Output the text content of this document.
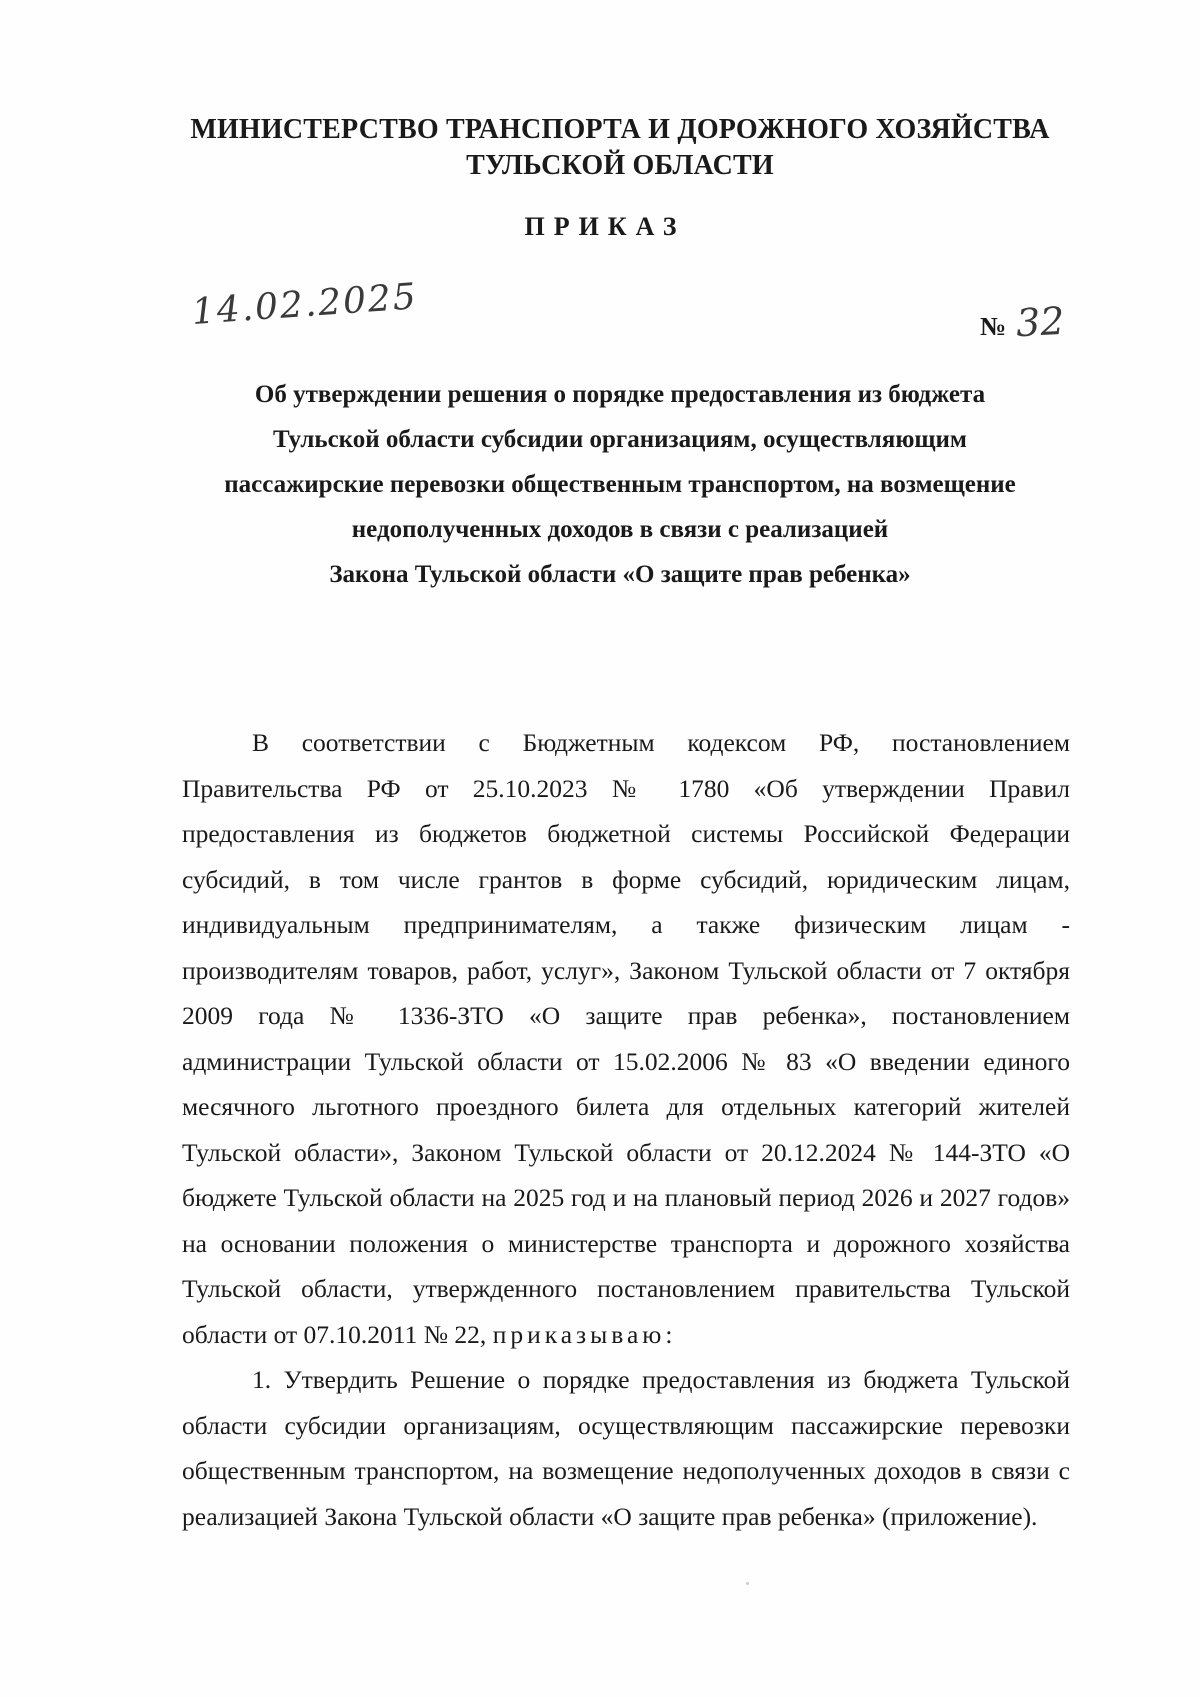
МИНИСТЕРСТВО ТРАНСПОРТА И ДОРОЖНОГО ХОЗЯЙСТВА
ТУЛЬСКОЙ ОБЛАСТИ
ПРИКАЗ
14.02.2025	№ 32
Об утверждении решения о порядке предоставления из бюджета
Тульской области субсидии организациям, осуществляющим
пассажирские перевозки общественным транспортом, на возмещение
недополученных доходов в связи с реализацией
Закона Тульской области «О защите прав ребенка»

В соответствии с Бюджетным кодексом РФ, постановлением Правительства РФ от 25.10.2023 № 1780 «Об утверждении Правил предоставления из бюджетов бюджетной системы Российской Федерации субсидий, в том числе грантов в форме субсидий, юридическим лицам, индивидуальным предпринимателям, а также физическим лицам - производителям товаров, работ, услуг», Законом Тульской области от 7 октября 2009 года № 1336-ЗТО «О защите прав ребенка», постановлением администрации Тульской области от 15.02.2006 № 83 «О введении единого месячного льготного проездного билета для отдельных категорий жителей Тульской области», Законом Тульской области от 20.12.2024 № 144-ЗТО «О бюджете Тульской области на 2025 год и на плановый период 2026 и 2027 годов» на основании положения о министерстве транспорта и дорожного хозяйства Тульской области, утвержденного постановлением правительства Тульской области от 07.10.2011 № 22, приказываю:

1. Утвердить Решение о порядке предоставления из бюджета Тульской области субсидии организациям, осуществляющим пассажирские перевозки общественным транспортом, на возмещение недополученных доходов в связи с реализацией Закона Тульской области «О защите прав ребенка» (приложение).
